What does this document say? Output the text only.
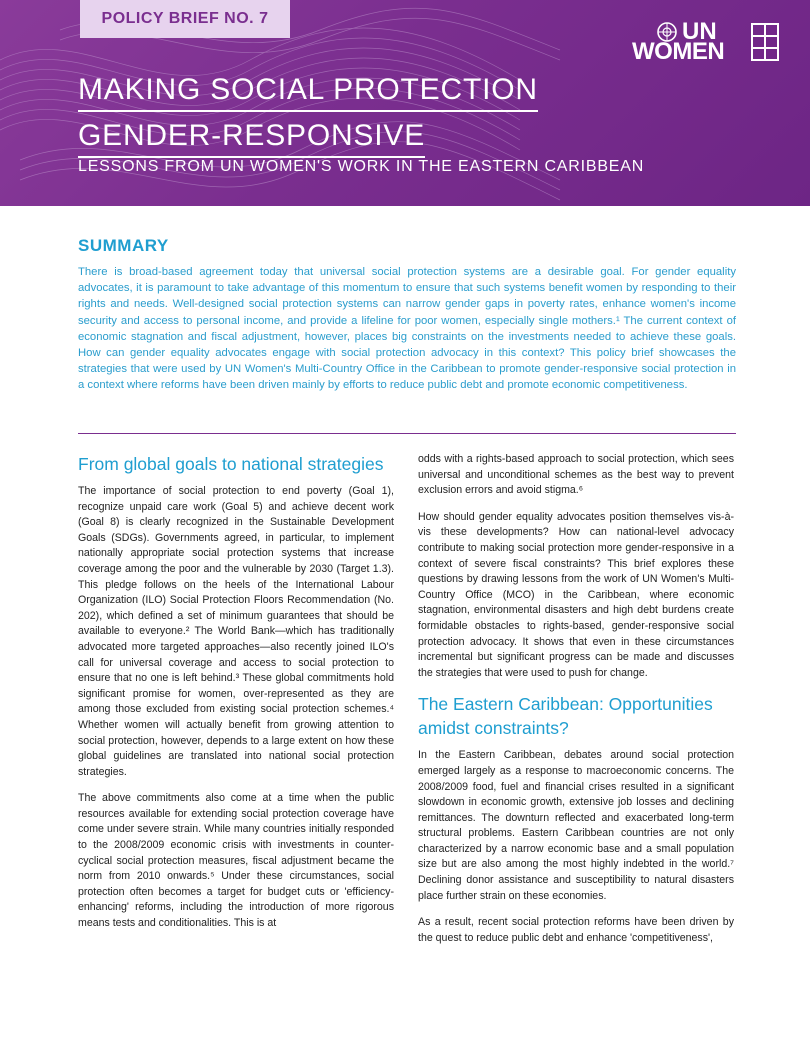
POLICY BRIEF NO. 7	UN
WOMEN
MAKING SOCIAL PROTECTION
GENDER-RESPONSIVE
LESSONS FROM UN WOMEN'S WORK IN THE EASTERN CARIBBEAN
SUMMARY

There is broad-based agreement today that universal social protection systems are a desirable goal. For gender equality advocates, it is paramount to take advantage of this momentum to ensure that such systems benefit women by responding to their rights and needs. Well-designed social protection systems can narrow gender gaps in poverty rates, enhance women's income security and access to personal income, and provide a lifeline for poor women, especially single mothers.¹ The current context of economic stagnation and fiscal adjustment, however, places big constraints on the investments needed to achieve these goals. How can gender equality advocates engage with social protection advocacy in this context? This policy brief showcases the strategies that were used by UN Women's Multi-Country Office in the Caribbean to promote gender-responsive social protection in a context where reforms have been driven mainly by efforts to reduce public debt and promote economic competitiveness.

From global goals to national strategies

The importance of social protection to end poverty (Goal 1), recognize unpaid care work (Goal 5) and achieve decent work (Goal 8) is clearly recognized in the Sustainable Development Goals (SDGs). Governments agreed, in particular, to implement nationally appropriate social protection systems that increase coverage among the poor and the vulnerable by 2030 (Target 1.3). This pledge follows on the heels of the International Labour Organization (ILO) Social Protection Floors Recommendation (No. 202), which defined a set of minimum guarantees that should be available to everyone.² The World Bank—which has traditionally advocated more targeted approaches—also recently joined ILO's call for universal coverage and access to social protection to ensure that no one is left behind.³ These global commitments hold significant promise for women, over-represented as they are among those excluded from existing social protection schemes.⁴ Whether women will actually benefit from growing attention to social protection, however, depends to a large extent on how these global guidelines are translated into national social protection strategies.

The above commitments also come at a time when the public resources available for extending social protection coverage have come under severe strain. While many countries initially responded to the 2008/2009 economic crisis with investments in counter-cyclical social protection measures, fiscal adjustment became the norm from 2010 onwards.⁵ Under these circumstances, social protection often becomes a target for budget cuts or 'efficiency-enhancing' reforms, including the introduction of more rigorous means tests and conditionalities. This is at

odds with a rights-based approach to social protection, which sees universal and unconditional schemes as the best way to prevent exclusion errors and avoid stigma.⁶

How should gender equality advocates position themselves vis-à-vis these developments? How can national-level advocacy contribute to making social protection more gender-responsive in a context of severe fiscal constraints? This brief explores these questions by drawing lessons from the work of UN Women's Multi-Country Office (MCO) in the Caribbean, where economic stagnation, environmental disasters and high debt burdens create formidable obstacles to rights-based, gender-responsive social protection advocacy. It shows that even in these circumstances incremental but significant progress can be made and discusses the strategies that were used to push for change.

The Eastern Caribbean: Opportunities amidst constraints?

In the Eastern Caribbean, debates around social protection emerged largely as a response to macroeconomic concerns. The 2008/2009 food, fuel and financial crises resulted in a significant slowdown in economic growth, extensive job losses and declining remittances. The downturn reflected and exacerbated long-term structural problems. Eastern Caribbean countries are not only characterized by a narrow economic base and a small population size but are also among the most highly indebted in the world.⁷ Declining donor assistance and susceptibility to natural disasters place further strain on these economies.

As a result, recent social protection reforms have been driven by the quest to reduce public debt and enhance 'competitiveness',
